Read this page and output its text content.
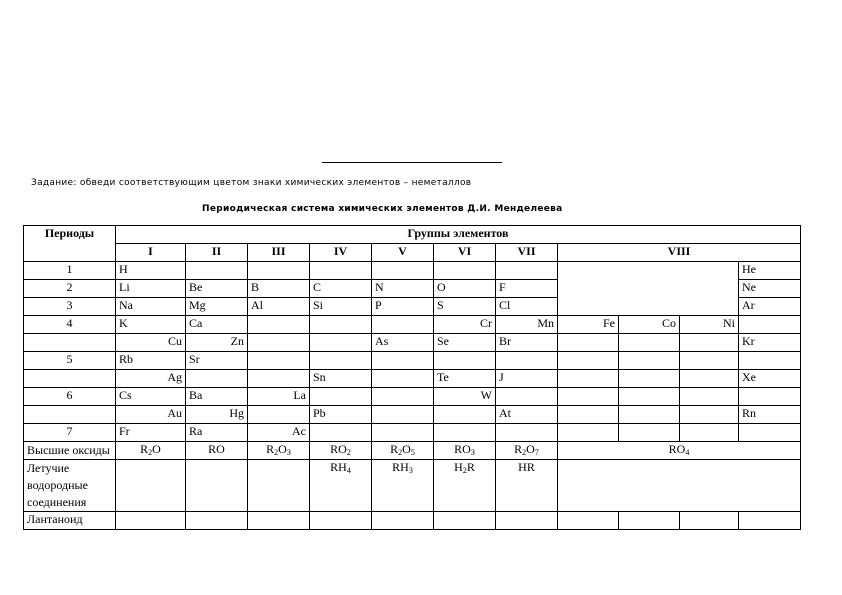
Задание: обведи соответствующим цветом знаки химических элементов – неметаллов
Периодическая система химических элементов Д.И. Менделеева
Периоды	Группы элементов										
	I	II	III	IV	V	VI	VII	VIII			
1	H										He
2	Li	Be	B	C	N	O	F				Ne
3	Na	Mg	Al	Si	P	S	Cl				Ar
4	K	Ca				Cr	Mn	Fe	Co	Ni	
	Cu	Zn			As	Se	Br				Kr
5	Rb	Sr									
	Ag			Sn		Te	J				Xe
6	Cs	Ba	La			W					
	Au	Hg		Pb			At				Rn
7	Fr	Ra	Ac								
Высшие оксиды	$R_2O$	RO	$R_2O_3$	$RO_2$	$R_2O_5$	$RO_3$	$R_2O_7$	$RO_4$
Летучие водородные соединения				$RH_4$	$RH_3$	$H_2R$	HR				
Лантаноид											
